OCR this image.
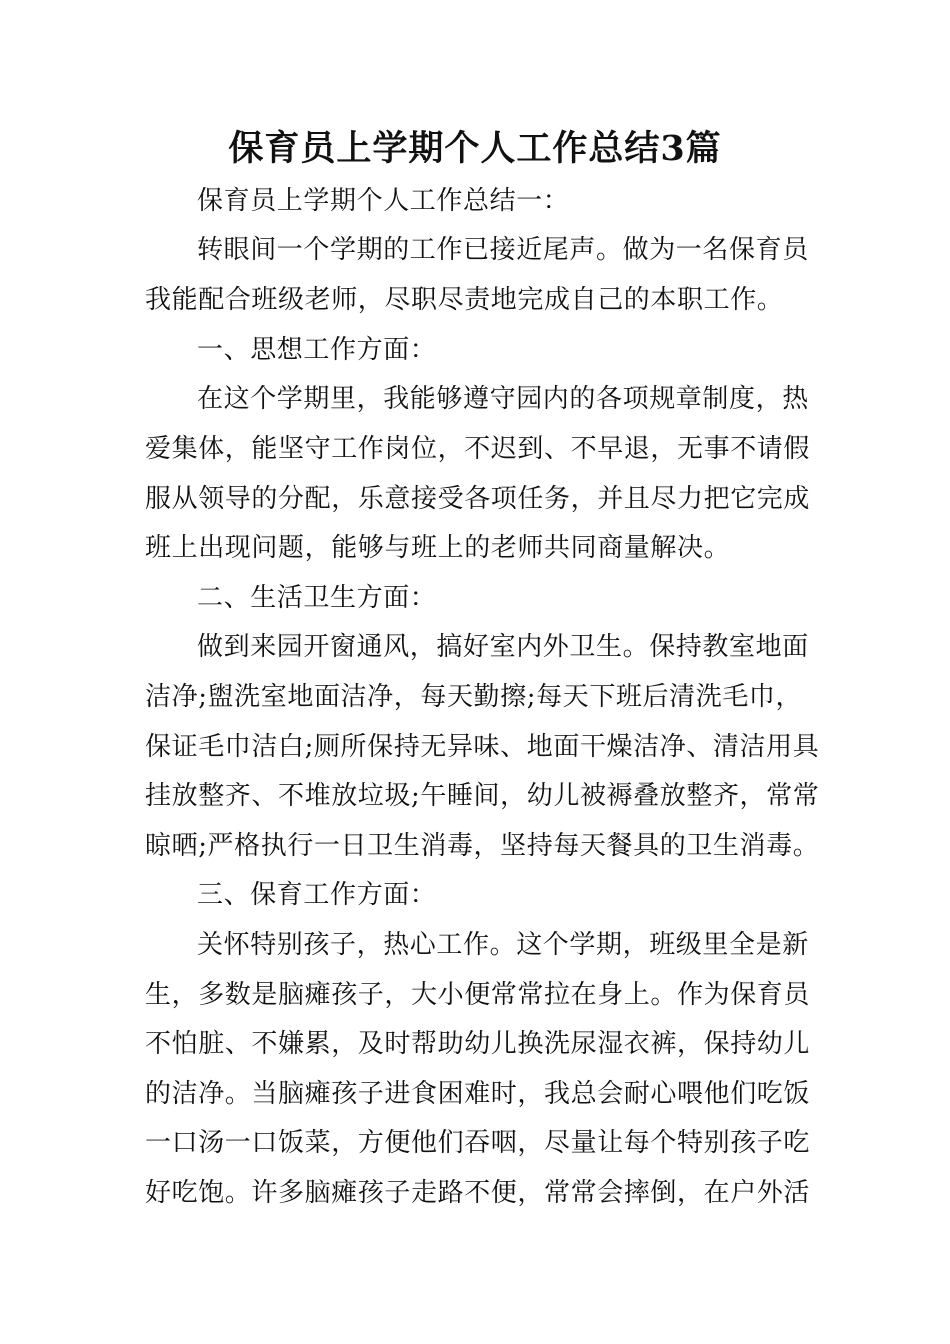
保育员上学期个人工作总结3篇
保育员上学期个人工作总结一：
转眼间一个学期的工作已接近尾声。做为一名保育员
我能配合班级老师，尽职尽责地完成自己的本职工作。
一、思想工作方面：
在这个学期里，我能够遵守园内的各项规章制度，热
爱集体，能坚守工作岗位，不迟到、不早退，无事不请假
服从领导的分配，乐意接受各项任务，并且尽力把它完成
班上出现问题，能够与班上的老师共同商量解决。
二、生活卫生方面：
做到来园开窗通风，搞好室内外卫生。保持教室地面
洁净;盥洗室地面洁净，每天勤擦;每天下班后清洗毛巾，
保证毛巾洁白;厕所保持无异味、地面干燥洁净、清洁用具
挂放整齐、不堆放垃圾;午睡间，幼儿被褥叠放整齐，常常
晾晒;严格执行一日卫生消毒，坚持每天餐具的卫生消毒。
三、保育工作方面：
关怀特别孩子，热心工作。这个学期，班级里全是新
生，多数是脑瘫孩子，大小便常常拉在身上。作为保育员
不怕脏、不嫌累，及时帮助幼儿换洗尿湿衣裤，保持幼儿
的洁净。当脑瘫孩子进食困难时，我总会耐心喂他们吃饭
一口汤一口饭菜，方便他们吞咽，尽量让每个特别孩子吃
好吃饱。许多脑瘫孩子走路不便，常常会摔倒，在户外活
